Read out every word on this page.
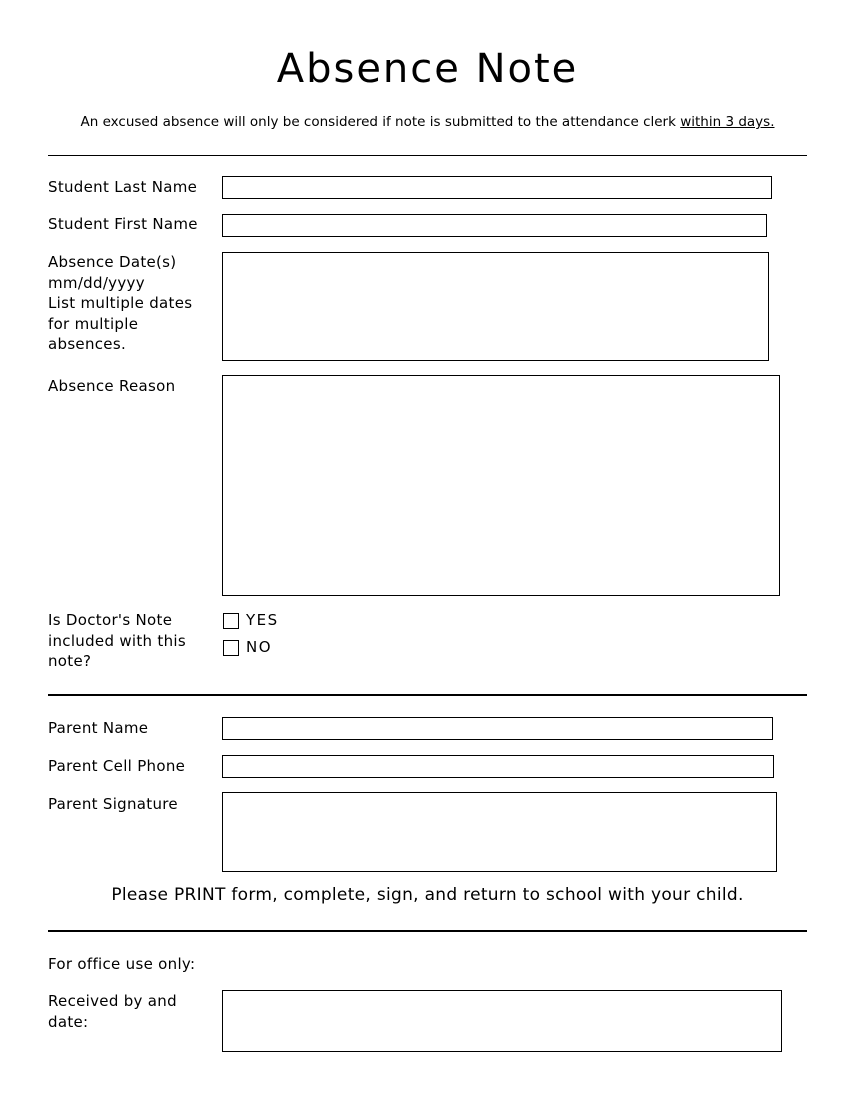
Absence Note
An excused absence will only be considered if note is submitted to the attendance clerk within 3 days.
Student Last Name
Student First Name
Absence Date(s)
mm/dd/yyyy
List multiple dates
for multiple
absences.
Absence Reason
Is Doctor's Note
included with this
note?
YES
NO
Parent Name
Parent Cell Phone
Parent Signature
Please PRINT form, complete, sign, and return to school with your child.
For office use only:
Received by and
date:
